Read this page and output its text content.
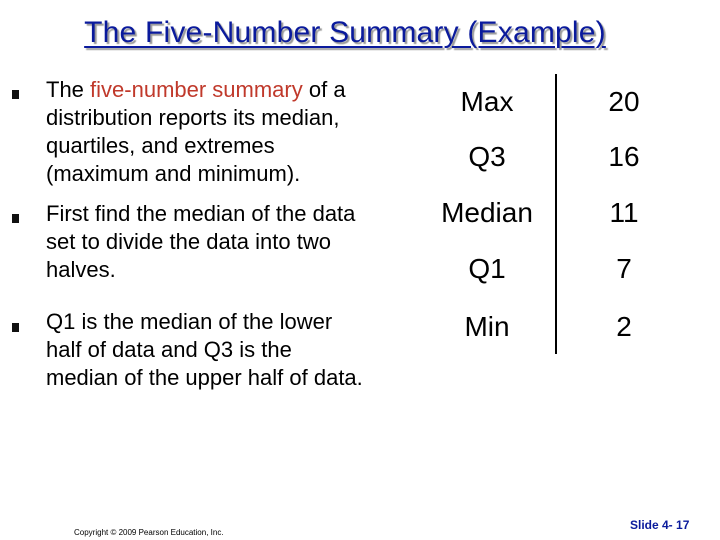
The Five-Number Summary (Example)
The five-number summary of a
distribution reports its median,
quartiles, and extremes
(maximum and minimum).
First find the median of the data
set to divide the data into two
halves.
Q1 is the median of the lower
half of data and Q3 is the
median of the upper half of data.
Max	20
Q3	16
Median	11
Q1	7
Min	2
Copyright © 2009 Pearson Education, Inc.
Slide 4- 17
